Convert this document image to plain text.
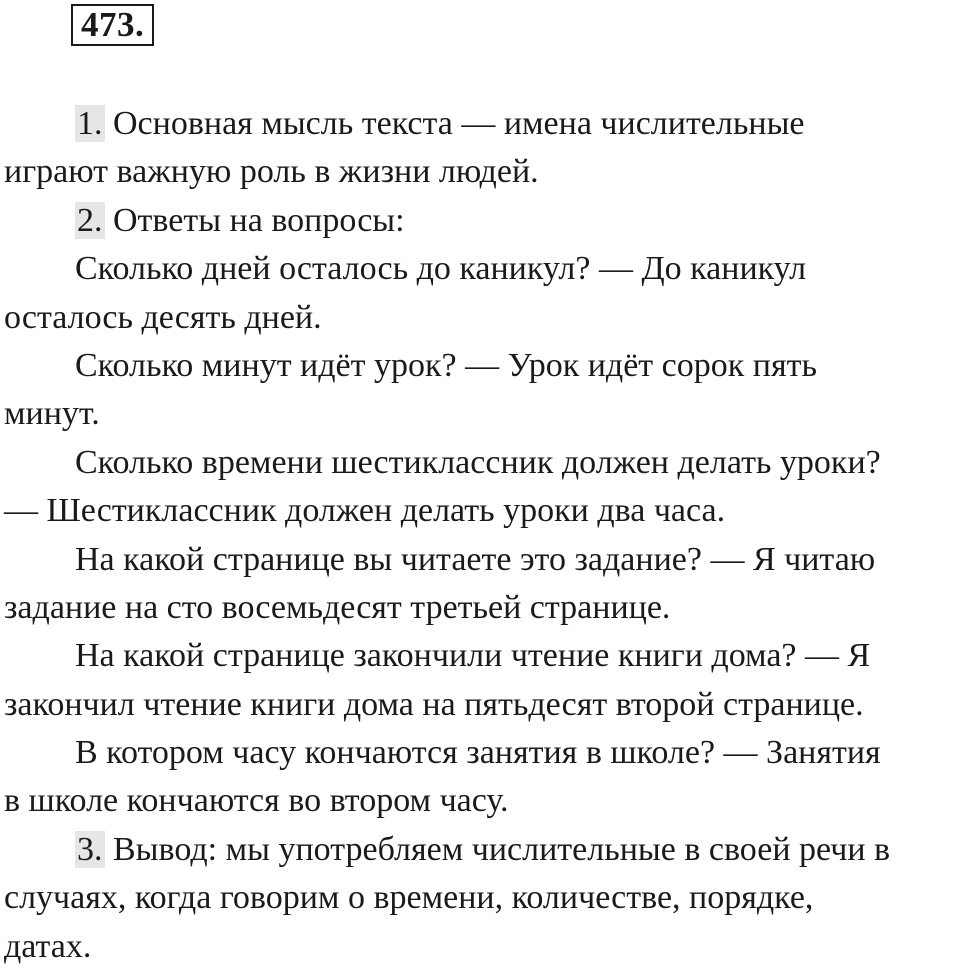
473.
1. Основная мысль текста — имена числительные
играют важную роль в жизни людей.
2. Ответы на вопросы:
Сколько дней осталось до каникул? — До каникул
осталось десять дней.
Сколько минут идёт урок? — Урок идёт сорок пять
минут.
Сколько времени шестиклассник должен делать уроки?
— Шестиклассник должен делать уроки два часа.
На какой странице вы читаете это задание? — Я читаю
задание на сто восемьдесят третьей странице.
На какой странице закончили чтение книги дома? — Я
закончил чтение книги дома на пятьдесят второй странице.
В котором часу кончаются занятия в школе? — Занятия
в школе кончаются во втором часу.
3. Вывод: мы употребляем числительные в своей речи в
случаях, когда говорим о времени, количестве, порядке,
датах.
